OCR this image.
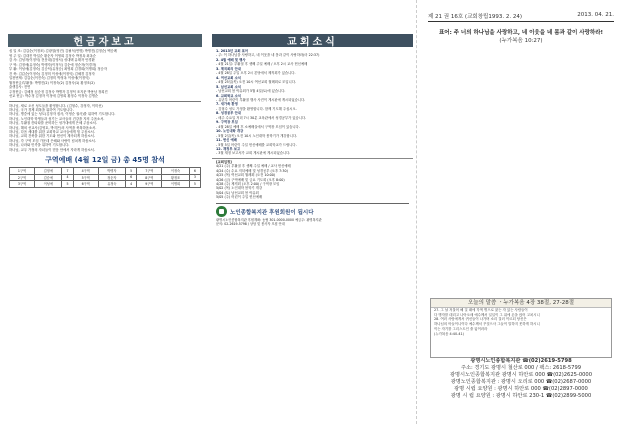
헌금자보고
십 일 조: 김갑순(이정조) 김광열(영진) 김필석(연명) 박명진(김정순) 백순례
영 주 일: 김대진 박일순 황순자 이영희 김정숙 박정옥 최옥순
감 사: 김성자(이정익) 전문대(김영서) 성대택 유태자 안경환
구 역: 김정애(유정숙) 박명자(이정식) 김순애 정순자(이경자)
부 활: 이성애(김정숙) 김순덕(유정순) 최영희 김경희(이명희) 정순자
건 축: 김갑순(이정숙) 김정미 이성애(이정익) 김혜경 김정자
일천번제: 김갑순(이진숙) 김정미 박정옥 이성애(이정익)
월정헌금/부활절: 박명진(2) 이정숙(2) 김정숙(1) 황정조(2)
출생감사: 전연
주정헌금: 김혜정 심순정 김정숙 박병자 김정덕 조지문 박용남 정희진
선교 헌금: 박수정 김정자 이정애 김영희 황정수 이정숙 김명순
하나님, 새로 오신 성도들을 환영합니다. (김형수, 강정자, 이미선)
하나님, 국가 경제 회복을 위하여 기도합니다.
하나님, 병중에 있는 성도(김정자 집사, 이영순 권사)를 위하여 기도합니다.
하나님, 노인대학 학생들과 섬기는 교사들의 건강을 지켜 주옵소서.
하나님, 부활절 칸타타를 준비하는 성가대에게 은혜 주옵소서.
하나님, 해외 선교사(김영호, 박지은)의 사역을 축복하옵소서.
하나님, 다음 세대를 위한 교회학교 교사들에게 힘 주옵소서.
하나님, 교회 건축을 위한 기도와 헌신이 계속되게 하옵소서.
하나님, 각 구역 모임 가운데 은혜와 사랑이 넘치게 하옵소서.
하나님, 나라와 민족을 위하여 기도합니다.
하나님, 교우 가정의 자녀들이 믿음 안에서 자라게 하옵소서.
구역예배 (4월 12일 금) 총 45명 참석
1구역	김정애	7	4구역	박명자	5	7구역	이정숙	6
2구역	김순애	4	5구역	정순자	6	8구역	황정조	3
3구역	이성애	5	6구역	유정숙	4	9구역	이명희	5
교회소식
1. 2013년 교회 표어
- 주: 이 하나님을 사랑하고, 네 이웃을 네 몸과 같이 사랑하라(마 22:37)
2. 4월 예배 및 행사
- 4월 21일: 부활절 후 셋째 주일 예배 / 오후 2시 교사 헌신예배
3. 제직회의 안내
- 4월 28일 주일 오후 2시 본당에서 제직회가 있습니다.
4. 여선교회 소식
- 4월 25일(목) 오전 10시 여선교회 월례회로 모입니다.
5. 남선교회 소식
- 남선교회 봄 야유회가 5월 4일(토)에 있습니다.
6. 교회학교 소식
- 유년부 어린이 부활절 행사 사진이 게시판에 게시되었습니다.
7. 새가족 환영
- 김형수 성도 가정을 환영합니다. 함께 기도해 주십시오.
8. 성경공부 안내
- 매주 수요일 저녁 7시 30분 교육관에서 성경공부가 있습니다.
9. 구역장 모임
- 4월 28일 예배 후 소예배실에서 구역장 모임이 있습니다.
10. 노인대학 개강
- 5월 2일(목) 오전 10시 노인대학 봄학기가 개강합니다.
11. 헌신 예배
- 5월 5일 어린이 주일 헌신예배를 교회학교가 드립니다.
12. 재정부 보고
- 3월 재정 보고서가 교회 게시판에 게시되었습니다.
[교회일정]
4/21 (주) 부활절 후 셋째 주일 예배 / 교사 헌신예배
4/24 (수) 수요 저녁예배 및 성경공부 (오후 7:30)
4/25 (목) 여선교회 월례회 (오전 10:00)
4/26 (금) 구역예배 및 금요 기도회 (오후 8:00)
4/28 (주) 제직회 (오후 2:00) / 구역장 모임
5/02 (목) 노인대학 봄학기 개강
5/04 (토) 남선교회 봄 야유회
5/05 (주) 어린이 주일 헌신예배
노인종합복지관 후원회원이 됩시다
광명시노인종합복지관 후원계좌: 농협 301-0000-0000 예금주: 광명복지관
문의: 02-2619-5798 / 상담 및 봉사자 모집 안내
제 21 권 16호 (교회창립1993. 2. 24)	2013. 04. 21.
표어: 주 너의 하나님을 사랑하고, 네 이웃을 네 몸과 같이 사랑하라!
(누가복음 10:27)
오늘의 말씀 ㆍ누가복음 4장 38절, 27-28절
27. 그 날 저물어 해 질 때에 각색 병으로 앓는 자 있는 사람들이
다 병자를 데리고 나아오매 예수께서 일일이 그 위에 손을 얹어 고치시니
28. 여러 사람에게서 귀신들이 나가며 소리 질러 이르되 당신은
하나님의 아들이니이다 예수께서 꾸짖으사 그들이 말하지 못하게 하시니
이는 자기를 그리스도인 줄 앎이러라
(누가복음 4:40-41)
광명시노인종합복지관 ☎(02)2619-5798
주소: 경기도 광명시 철산로 000 / 팩스: 2618-5799
광명시노인종합복지관 광명시 하안로 000 ☎(02)2625-0000
광명노인종합복지관 : 광명시 오리로 000 ☎(02)2687-0000
광명 시립 요양원 : 광명시 하안로 000 ☎(02)2897-0000
광명 시 립 요양원 : 광명시 하안로 230-1 ☎(02)2899-5000
